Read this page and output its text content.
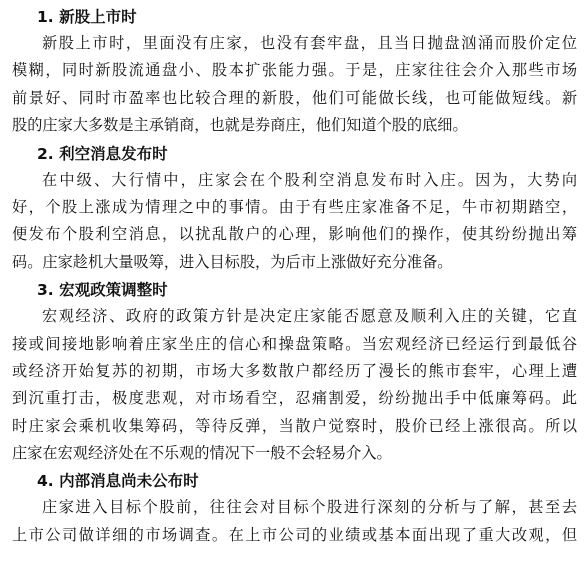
1. 新股上市时
新股上市时，里面没有庄家，也没有套牢盘，且当日抛盘汹涌而股价定位
模糊，同时新股流通盘小、股本扩张能力强。于是，庄家往往会介入那些市场
前景好、同时市盈率也比较合理的新股，他们可能做长线，也可能做短线。新
股的庄家大多数是主承销商，也就是券商庄，他们知道个股的底细。
2. 利空消息发布时
在中级、大行情中，庄家会在个股利空消息发布时入庄。因为，大势向
好，个股上涨成为情理之中的事情。由于有些庄家准备不足，牛市初期踏空，
便发布个股利空消息，以扰乱散户的心理，影响他们的操作，使其纷纷抛出筹
码。庄家趁机大量吸筹，进入目标股，为后市上涨做好充分准备。
3. 宏观政策调整时
宏观经济、政府的政策方针是决定庄家能否愿意及顺利入庄的关键，它直
接或间接地影响着庄家坐庄的信心和操盘策略。当宏观经济已经运行到最低谷
或经济开始复苏的初期，市场大多数散户都经历了漫长的熊市套牢，心理上遭
到沉重打击，极度悲观，对市场看空，忍痛割爱，纷纷抛出手中低廉筹码。此
时庄家会乘机收集筹码，等待反弹，当散户觉察时，股价已经上涨很高。所以
庄家在宏观经济处在不乐观的情况下一般不会轻易介入。
4. 内部消息尚未公布时
庄家进入目标个股前，往往会对目标个股进行深刻的分析与了解，甚至去
上市公司做详细的市场调查。在上市公司的业绩或基本面出现了重大改观，但
